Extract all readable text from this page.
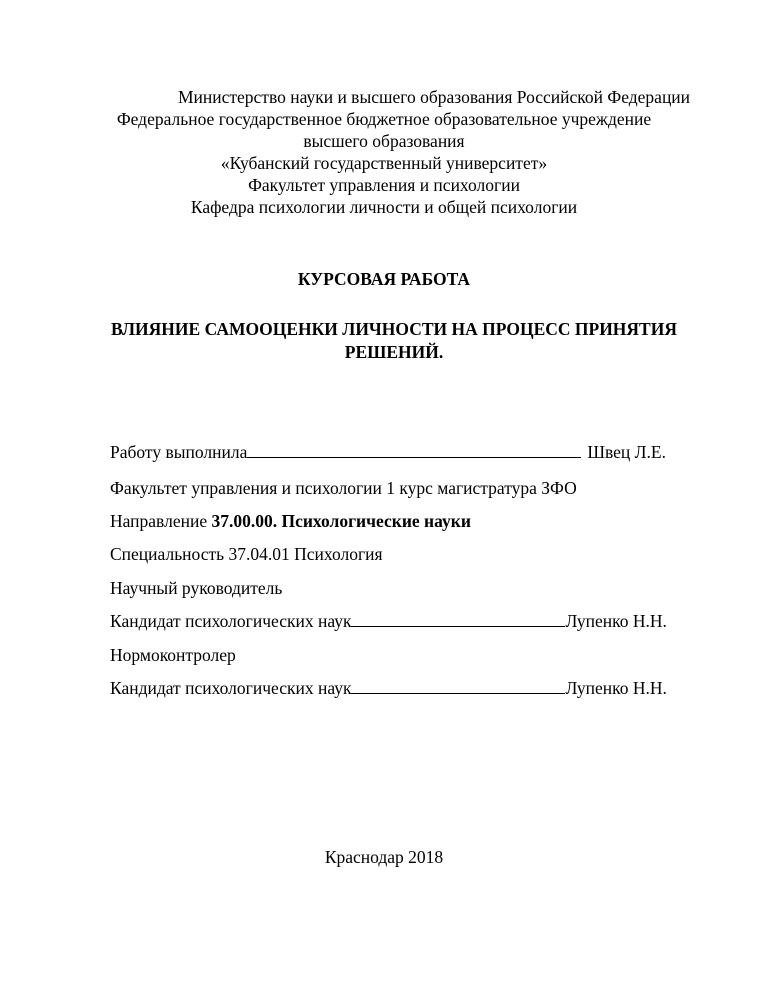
Министерство науки и высшего образования Российской Федерации
Федеральное государственное бюджетное образовательное учреждение
высшего образования
«Кубанский государственный университет»
Факультет управления и психологии
Кафедра психологии личности и общей психологии
КУРСОВАЯ РАБОТА
ВЛИЯНИЕ САМООЦЕНКИ ЛИЧНОСТИ НА ПРОЦЕСС ПРИНЯТИЯ РЕШЕНИЙ.
Работу выполнила	Швец Л.Е.
Факультет управления и психологии 1 курс магистратура ЗФО
Направление 37.00.00. Психологические науки
Специальность 37.04.01 Психология
Научный руководитель
Кандидат психологических наук	Лупенко Н.Н.
Нормоконтролер
Кандидат психологических наук	Лупенко Н.Н.
Краснодар 2018
